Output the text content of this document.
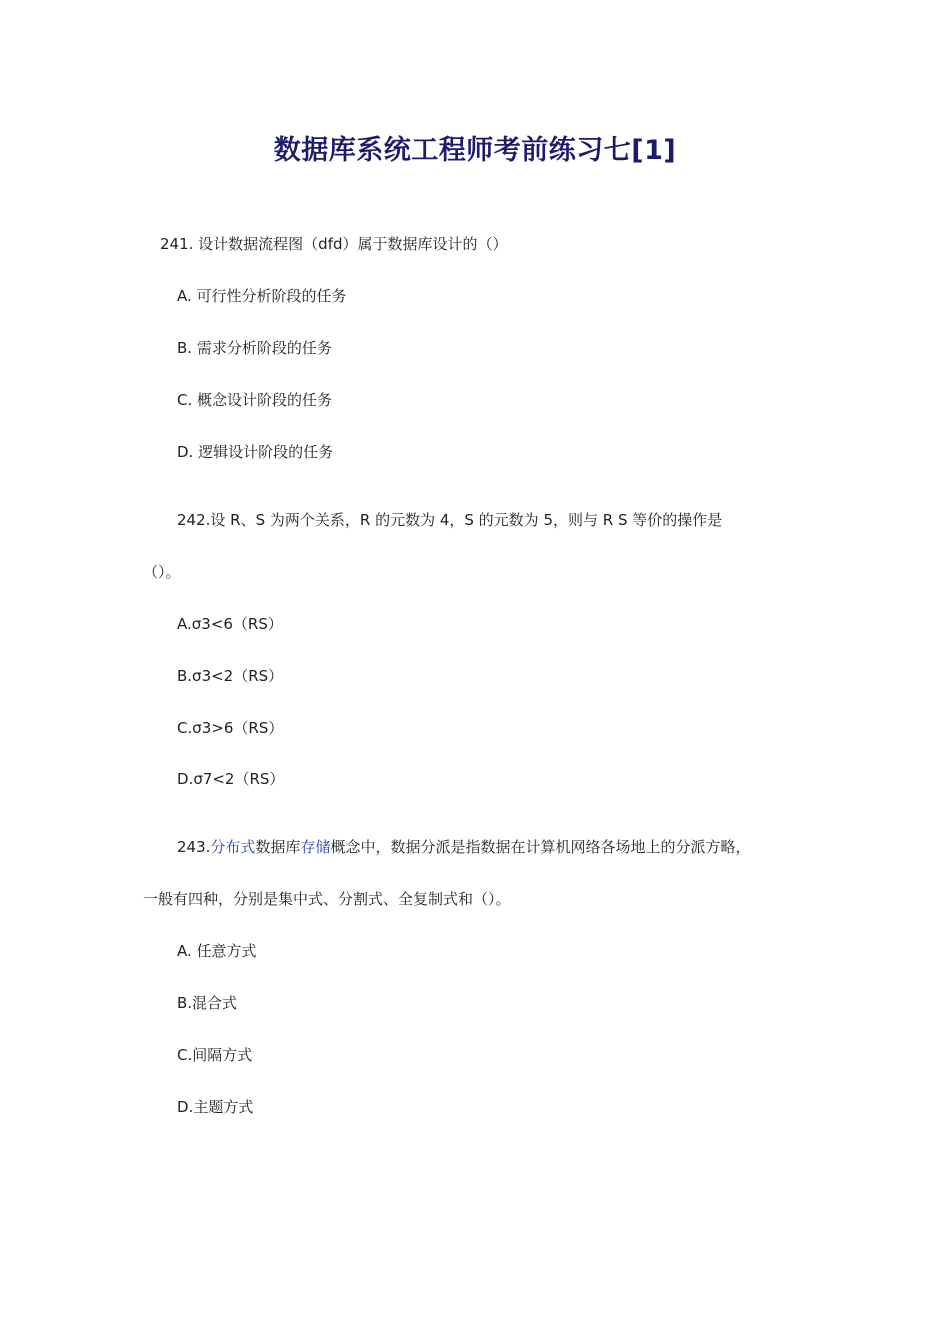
数据库系统工程师考前练习七[1]
241. 设计数据流程图（dfd）属于数据库设计的（）
A. 可行性分析阶段的任务
B. 需求分析阶段的任务
C. 概念设计阶段的任务
D. 逻辑设计阶段的任务
242.设 R、S 为两个关系，R 的元数为 4，S 的元数为 5，则与 R S 等价的操作是
（）。
A.σ3<6（RS）
B.σ3<2（RS）
C.σ3>6（RS）
D.σ7<2（RS）
243.分布式数据库存储概念中，数据分派是指数据在计算机网络各场地上的分派方略，
一般有四种，分别是集中式、分割式、全复制式和（）。
A. 任意方式
B.混合式
C.间隔方式
D.主题方式
